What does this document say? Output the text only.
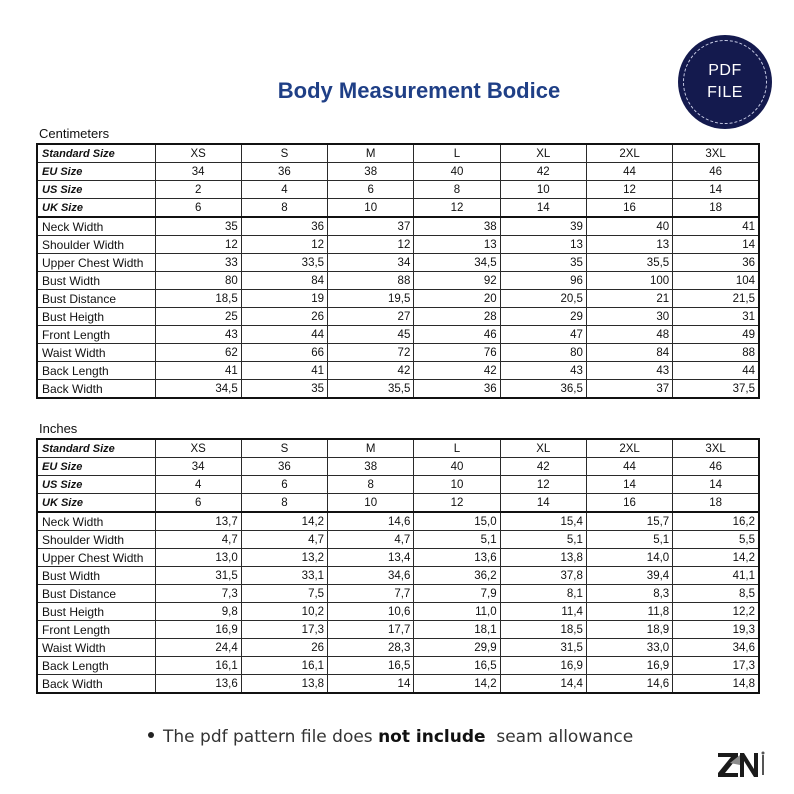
PDF
FILE
Body Measurement Bodice
Centimeters
Standard Size	XS	S	M	L	XL	2XL	3XL
EU Size	34	36	38	40	42	44	46
US Size	2	4	6	8	10	12	14
UK Size	6	8	10	12	14	16	18
Neck Width	35	36	37	38	39	40	41
Shoulder Width	12	12	12	13	13	13	14
Upper Chest Width	33	33,5	34	34,5	35	35,5	36
Bust Width	80	84	88	92	96	100	104
Bust Distance	18,5	19	19,5	20	20,5	21	21,5
Bust Heigth	25	26	27	28	29	30	31
Front Length	43	44	45	46	47	48	49
Waist Width	62	66	72	76	80	84	88
Back Length	41	41	42	42	43	43	44
Back Width	34,5	35	35,5	36	36,5	37	37,5
Inches
Standard Size	XS	S	M	L	XL	2XL	3XL
EU Size	34	36	38	40	42	44	46
US Size	4	6	8	10	12	14	14
UK Size	6	8	10	12	14	16	18
Neck Width	13,7	14,2	14,6	15,0	15,4	15,7	16,2
Shoulder Width	4,7	4,7	4,7	5,1	5,1	5,1	5,5
Upper Chest Width	13,0	13,2	13,4	13,6	13,8	14,0	14,2
Bust Width	31,5	33,1	34,6	36,2	37,8	39,4	41,1
Bust Distance	7,3	7,5	7,7	7,9	8,1	8,3	8,5
Bust Heigth	9,8	10,2	10,6	11,0	11,4	11,8	12,2
Front Length	16,9	17,3	17,7	18,1	18,5	18,9	19,3
Waist Width	24,4	26	28,3	29,9	31,5	33,0	34,6
Back Length	16,1	16,1	16,5	16,5	16,9	16,9	17,3
Back Width	13,6	13,8	14	14,2	14,4	14,6	14,8
The pdf pattern file does not include  seam allowance
